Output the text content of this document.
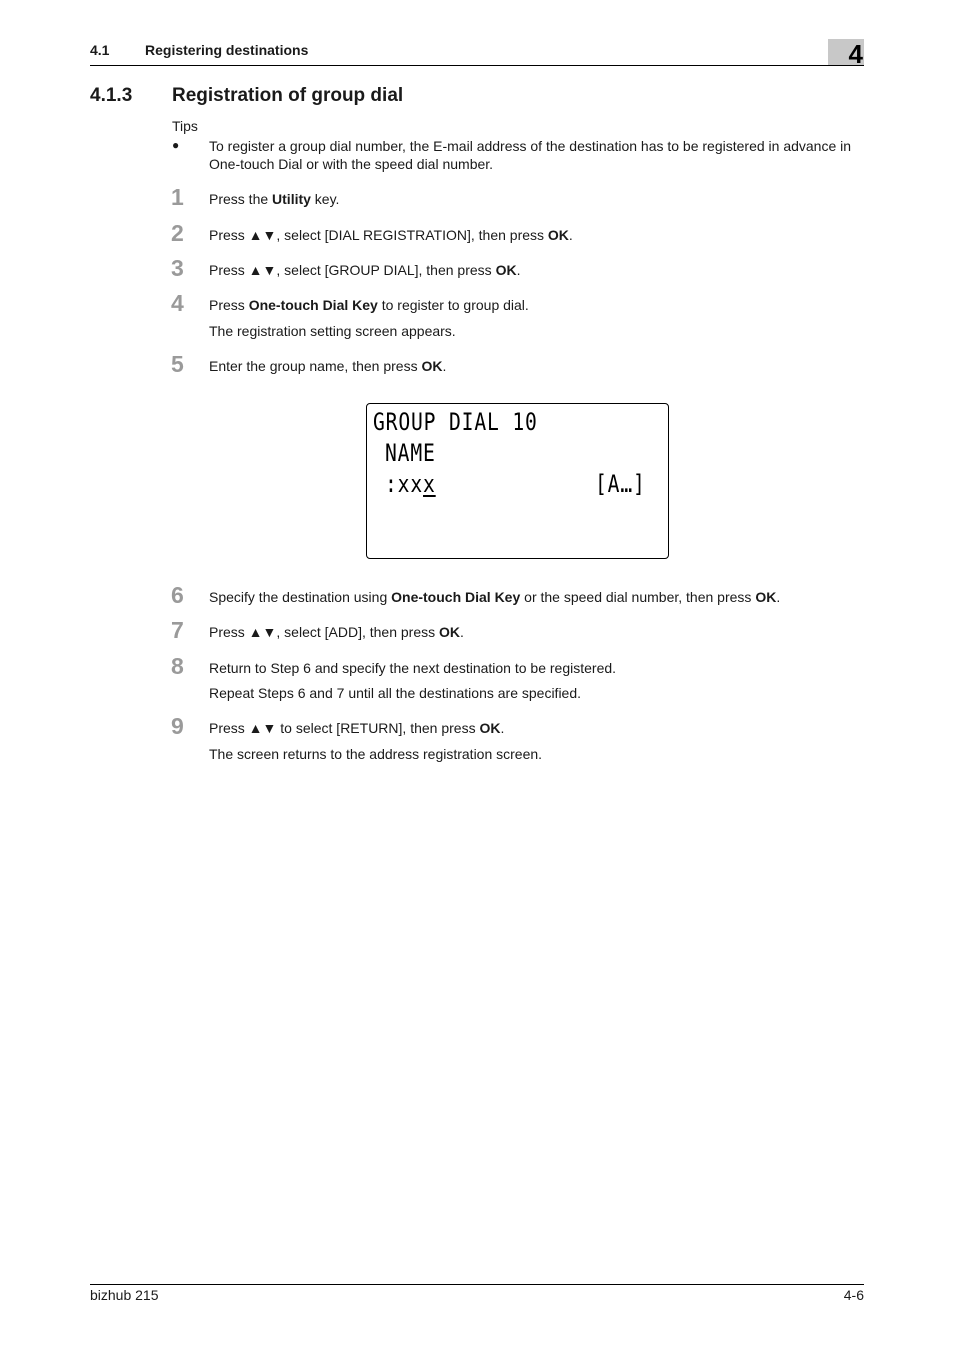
4.1	Registering destinations	4
4.1.3 Registration of group dial
Tips
● To register a group dial number, the E-mail address of the destination has to be registered in advance in One-touch Dial or with the speed dial number.
1 Press the Utility key.
2 Press ▲▼, select [DIAL REGISTRATION], then press OK.
3 Press ▲▼, select [GROUP DIAL], then press OK.
4 Press One-touch Dial Key to register to group dial.
The registration setting screen appears.
5 Enter the group name, then press OK.
GROUP DIAL 10
NAME
:xxx	[A…]
6 Specify the destination using One-touch Dial Key or the speed dial number, then press OK.
7 Press ▲▼, select [ADD], then press OK.
8 Return to Step 6 and specify the next destination to be registered.
Repeat Steps 6 and 7 until all the destinations are specified.
9 Press ▲▼ to select [RETURN], then press OK.
The screen returns to the address registration screen.
bizhub 215	4-6
